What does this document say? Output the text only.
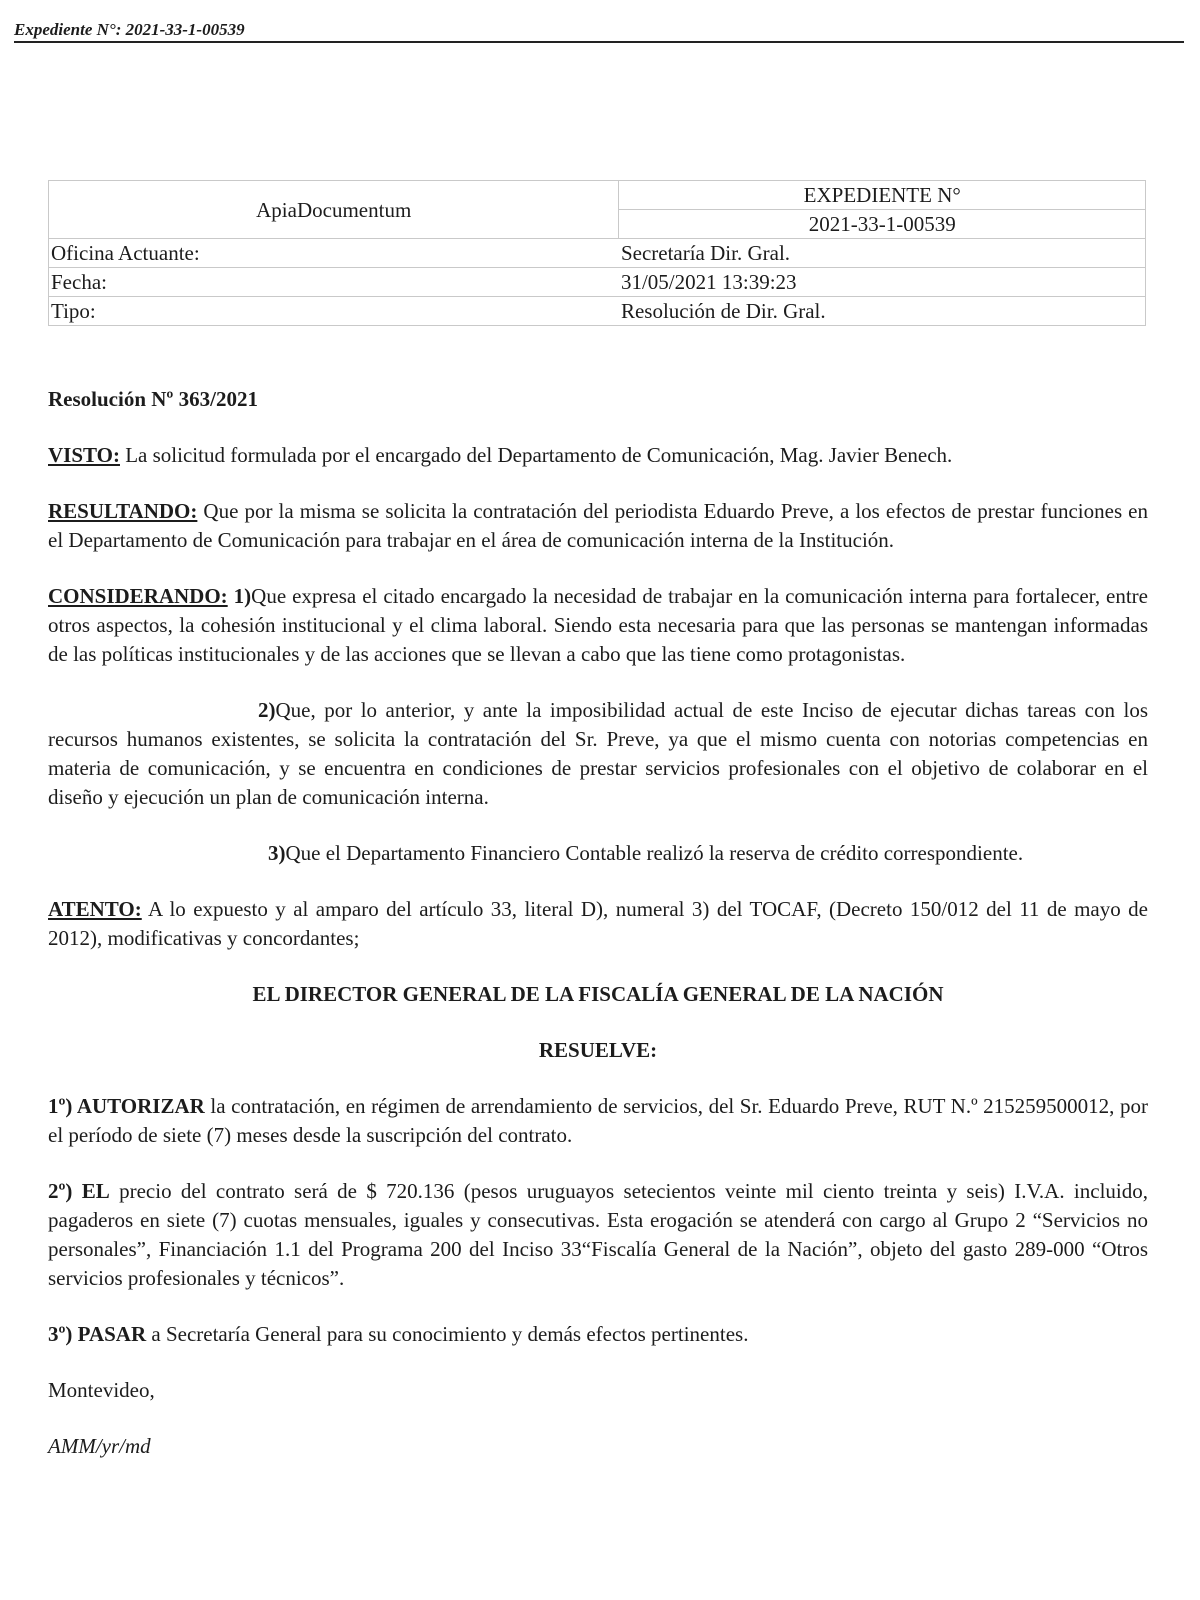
Expediente N°: 2021-33-1-00539
ApiaDocumentum	EXPEDIENTE N°
	2021-33-1-00539
Oficina Actuante:	Secretaría Dir. Gral.
Fecha:	31/05/2021 13:39:23
Tipo:	Resolución de Dir. Gral.

Resolución Nº 363/2021

VISTO: La solicitud formulada por el encargado del Departamento de Comunicación, Mag. Javier Benech.

RESULTANDO: Que por la misma se solicita la contratación del periodista Eduardo Preve, a los efectos de prestar funciones en el Departamento de Comunicación para trabajar en el área de comunicación interna de la Institución.

CONSIDERANDO: 1)Que expresa el citado encargado la necesidad de trabajar en la comunicación interna para fortalecer, entre otros aspectos, la cohesión institucional y el clima laboral. Siendo esta necesaria para que las personas se mantengan informadas de las políticas institucionales y de las acciones que se llevan a cabo que las tiene como protagonistas.

2)Que, por lo anterior, y ante la imposibilidad actual de este Inciso de ejecutar dichas tareas con los recursos humanos existentes, se solicita la contratación del Sr. Preve, ya que el mismo cuenta con notorias competencias en materia de comunicación, y se encuentra en condiciones de prestar servicios profesionales con el objetivo de colaborar en el diseño y ejecución un plan de comunicación interna.

3)Que el Departamento Financiero Contable realizó la reserva de crédito correspondiente.

ATENTO: A lo expuesto y al amparo del artículo 33, literal D), numeral 3) del TOCAF, (Decreto 150/012 del 11 de mayo de 2012), modificativas y concordantes;

EL DIRECTOR GENERAL DE LA FISCALÍA GENERAL DE LA NACIÓN

RESUELVE:

1º) AUTORIZAR la contratación, en régimen de arrendamiento de servicios, del Sr. Eduardo Preve, RUT N.º 215259500012, por el período de siete (7) meses desde la suscripción del contrato.

2º) EL precio del contrato será de $ 720.136 (pesos uruguayos setecientos veinte mil ciento treinta y seis) I.V.A. incluido, pagaderos en siete (7) cuotas mensuales, iguales y consecutivas. Esta erogación se atenderá con cargo al Grupo 2 “Servicios no personales”, Financiación 1.1 del Programa 200 del Inciso 33“Fiscalía General de la Nación”, objeto del gasto 289-000 “Otros servicios profesionales y técnicos”.

3º) PASAR a Secretaría General para su conocimiento y demás efectos pertinentes.

Montevideo,

AMM/yr/md
